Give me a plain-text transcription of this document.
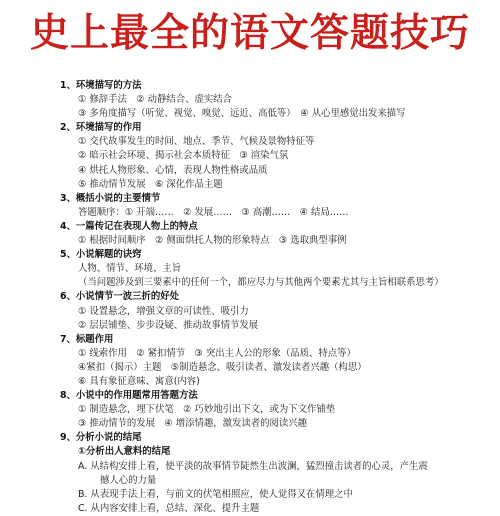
史上最全的语文答题技巧
1、环境描写的方法
① 修辞手法　② 动静结合、虚实结合
③ 多角度描写（听觉、视觉、嗅觉、远近、高低等）　④ 从心里感觉出发来描写
2、环境描写的作用
① 交代故事发生的时间、地点、季节、气候及景物特征等
② 暗示社会环境、揭示社会本质特征　③ 渲染气氛
④ 烘托人物形象、心情，表现人物性格或品质
⑤ 推动情节发展　⑥ 深化作品主题
3、概括小说的主要情节
答题顺序：① 开端……　② 发展……　③ 高潮……　④ 结局……
4、一篇传记在表现人物上的特点
① 根据时间顺序　② 侧面烘托人物的形象特点　③ 选取典型事例
5、小说解题的诀窍
人物、情节、环境、主旨
（当问题涉及到三要素中的任何一个，都应尽力与其他两个要素尤其与主旨相联系思考）
6、小说情节一波三折的好处
① 设置悬念，增强文章的可读性、吸引力
② 层层铺垫、步步设疑、推动故事情节发展
7、标题作用
① 线索作用　② 紧扣情节　③ 突出主人公的形象（品质、特点等）
④紧扣（揭示）主题　⑤制造悬念、吸引读者、激发读者兴趣（构思）
⑥ 具有象征意味、寓意(内容)
8、小说中的作用题常用答题方法
① 制造悬念，埋下伏笔　② 巧妙地引出下文，或为下文作铺垫
③ 推动情节的发展　④ 增添情趣，激发读者的阅读兴趣
9、分析小说的结尾
①分析出人意料的结尾
A. 从结构安排上看，使平淡的故事情节陡然生出波澜，猛烈撞击读者的心灵，产生震
撼人心的力量
B. 从表现手法上看，与前文的伏笔相照应，使人觉得又在情理之中
C. 从内容安排上看，总结、深化、提升主题
